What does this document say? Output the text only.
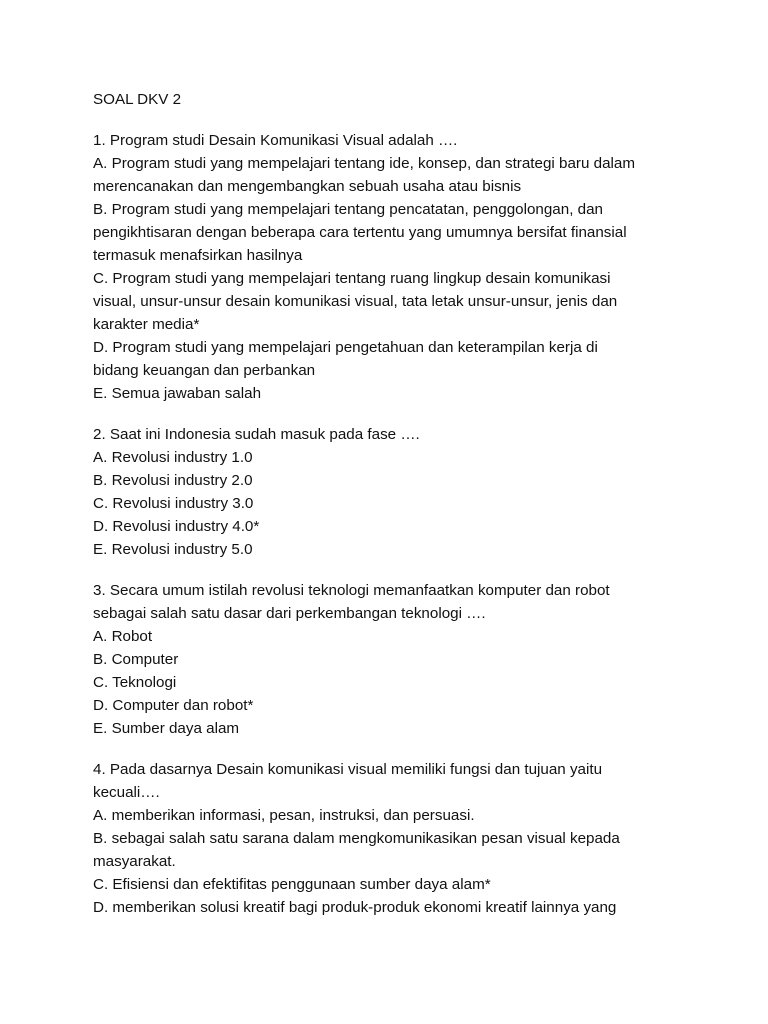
SOAL DKV 2
1. Program studi Desain Komunikasi Visual adalah ….
A. Program studi yang mempelajari tentang ide, konsep, dan strategi baru dalam
merencanakan dan mengembangkan sebuah usaha atau bisnis
B. Program studi yang mempelajari tentang pencatatan, penggolongan, dan
pengikhtisaran dengan beberapa cara tertentu yang umumnya bersifat finansial
termasuk menafsirkan hasilnya
C. Program studi yang mempelajari tentang ruang lingkup desain komunikasi
visual, unsur-unsur desain komunikasi visual, tata letak unsur-unsur, jenis dan
karakter media*
D. Program studi yang mempelajari pengetahuan dan keterampilan kerja di
bidang keuangan dan perbankan
E. Semua jawaban salah
2. Saat ini Indonesia sudah masuk pada fase ….
A. Revolusi industry 1.0
B. Revolusi industry 2.0
C. Revolusi industry 3.0
D. Revolusi industry 4.0*
E. Revolusi industry 5.0
3. Secara umum istilah revolusi teknologi memanfaatkan komputer dan robot
sebagai salah satu dasar dari perkembangan teknologi ….
A. Robot
B. Computer
C. Teknologi
D. Computer dan robot*
E. Sumber daya alam
4. Pada dasarnya Desain komunikasi visual memiliki fungsi dan tujuan yaitu
kecuali….
A. memberikan informasi, pesan, instruksi, dan persuasi.
B. sebagai salah satu sarana dalam mengkomunikasikan pesan visual kepada
masyarakat.
C. Efisiensi dan efektifitas penggunaan sumber daya alam*
D. memberikan solusi kreatif bagi produk-produk ekonomi kreatif lainnya yang
